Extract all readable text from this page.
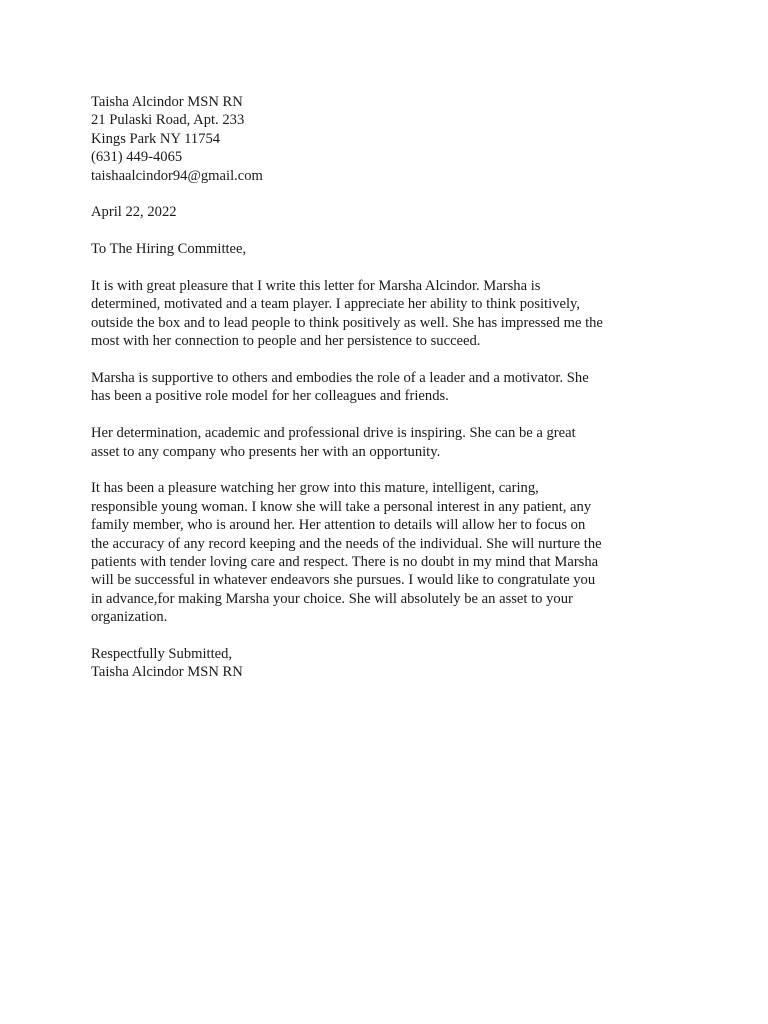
Taisha Alcindor MSN RN
21 Pulaski Road, Apt. 233
Kings Park NY 11754
(631) 449-4065
taishaalcindor94@gmail.com
April 22, 2022
To The Hiring Committee,
It is with great pleasure that I write this letter for Marsha Alcindor. Marsha is
determined, motivated and a team player. I appreciate her ability to think positively,
outside the box and to lead people to think positively as well. She has impressed me the
most with her connection to people and her persistence to succeed.
Marsha is supportive to others and embodies the role of a leader and a motivator. She
has been a positive role model for her colleagues and friends.
Her determination, academic and professional drive is inspiring. She can be a great
asset to any company who presents her with an opportunity.
It has been a pleasure watching her grow into this mature, intelligent, caring,
responsible young woman. I know she will take a personal interest in any patient, any
family member, who is around her. Her attention to details will allow her to focus on
the accuracy of any record keeping and the needs of the individual. She will nurture the
patients with tender loving care and respect. There is no doubt in my mind that Marsha
will be successful in whatever endeavors she pursues. I would like to congratulate you
in advance,for making Marsha your choice. She will absolutely be an asset to your
organization.
Respectfully Submitted,
Taisha Alcindor MSN RN
